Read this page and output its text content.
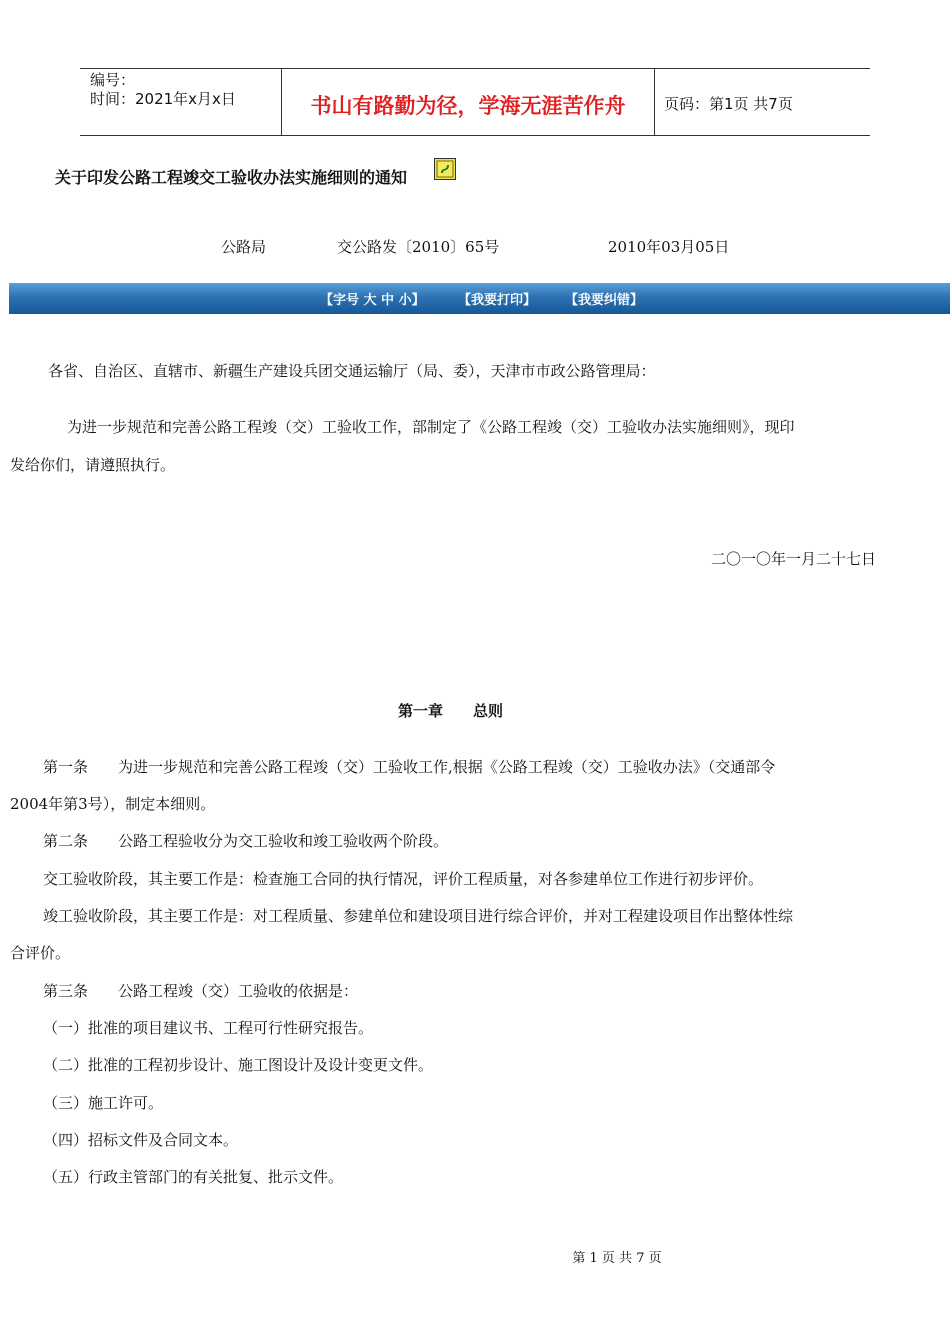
编号：
时间：2021年x月x日	书山有路勤为径，学海无涯苦作舟	页码：第1页 共7页
关于印发公路工程竣交工验收办法实施细则的通知
公路局	交公路发〔2010〕65号	2010年03月05日
【字号 大 中 小】	【我要打印】 【我要纠错】
各省、自治区、直辖市、新疆生产建设兵团交通运输厅（局、委），天津市市政公路管理局：
为进一步规范和完善公路工程竣（交）工验收工作，部制定了《公路工程竣（交）工验收办法实施细则》，现印
发给你们，请遵照执行。
二〇一〇年一月二十七日
第一章　　总则
第一条　　为进一步规范和完善公路工程竣（交）工验收工作,根据《公路工程竣（交）工验收办法》（交通部令
2004年第3号），制定本细则。
第二条　　公路工程验收分为交工验收和竣工验收两个阶段。
交工验收阶段，其主要工作是：检查施工合同的执行情况，评价工程质量，对各参建单位工作进行初步评价。
竣工验收阶段，其主要工作是：对工程质量、参建单位和建设项目进行综合评价，并对工程建设项目作出整体性综
合评价。
第三条　　公路工程竣（交）工验收的依据是：
（一）批准的项目建议书、工程可行性研究报告。
（二）批准的工程初步设计、施工图设计及设计变更文件。
（三）施工许可。
（四）招标文件及合同文本。
（五）行政主管部门的有关批复、批示文件。
第 1 页 共 7 页
